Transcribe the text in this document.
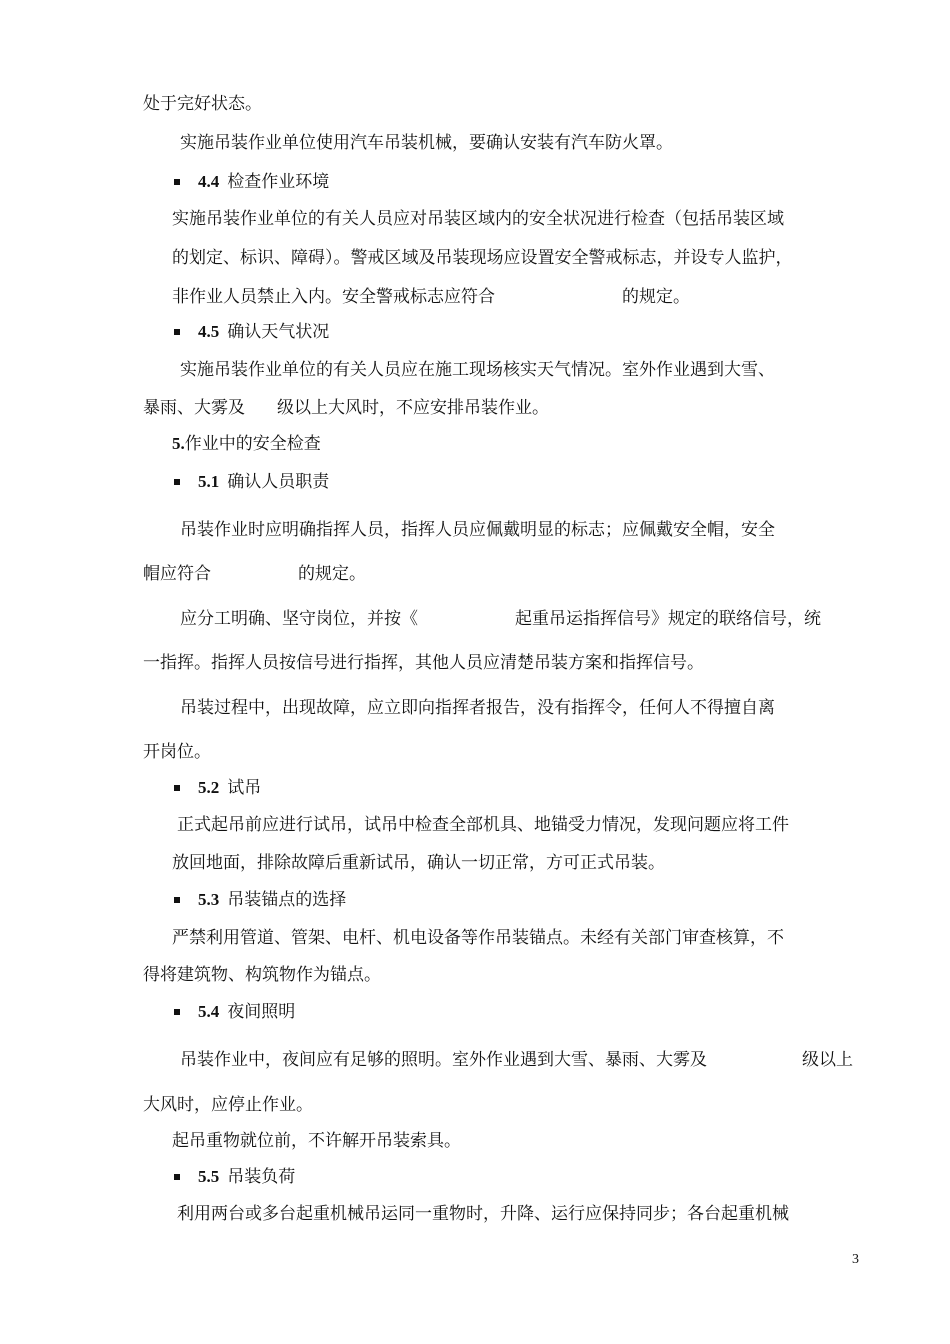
处于完好状态。
实施吊装作业单位使用汽车吊装机械，要确认安装有汽车防火罩。
4.4 检查作业环境
实施吊装作业单位的有关人员应对吊装区域内的安全状况进行检查（包括吊装区域
的划定、标识、障碍）。警戒区域及吊装现场应设置安全警戒标志，并设专人监护，
非作业人员禁止入内。安全警戒标志应符合	的规定。
4.5 确认天气状况
实施吊装作业单位的有关人员应在施工现场核实天气情况。室外作业遇到大雪、
暴雨、大雾及 级以上大风时，不应安排吊装作业。
5.作业中的安全检查
5.1 确认人员职责
吊装作业时应明确指挥人员，指挥人员应佩戴明显的标志；应佩戴安全帽，安全
帽应符合	的规定。
应分工明确、坚守岗位，并按《	起重吊运指挥信号》规定的联络信号，统
一指挥。指挥人员按信号进行指挥，其他人员应清楚吊装方案和指挥信号。
吊装过程中，出现故障，应立即向指挥者报告，没有指挥令，任何人不得擅自离
开岗位。
5.2 试吊
正式起吊前应进行试吊，试吊中检查全部机具、地锚受力情况，发现问题应将工件
放回地面，排除故障后重新试吊，确认一切正常，方可正式吊装。
5.3 吊装锚点的选择
严禁利用管道、管架、电杆、机电设备等作吊装锚点。未经有关部门审查核算，不
得将建筑物、构筑物作为锚点。
5.4 夜间照明
吊装作业中，夜间应有足够的照明。室外作业遇到大雪、暴雨、大雾及	级以上
大风时，应停止作业。
起吊重物就位前，不许解开吊装索具。
5.5 吊装负荷
利用两台或多台起重机械吊运同一重物时，升降、运行应保持同步；各台起重机械
3
